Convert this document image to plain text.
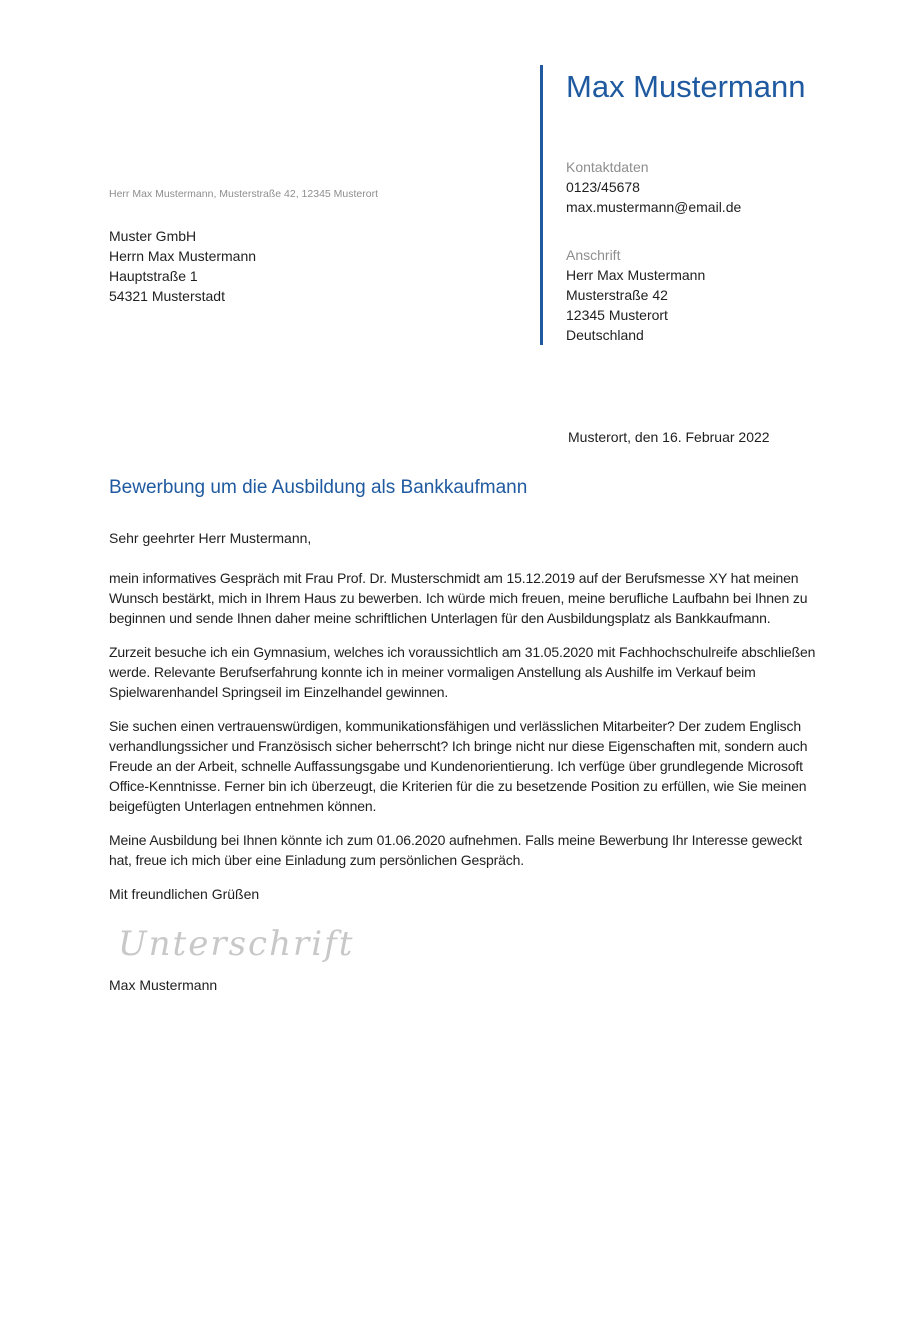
Max Mustermann
Kontaktdaten
0123/45678
max.mustermann@email.de
Anschrift
Herr Max Mustermann
Musterstraße 42
12345 Musterort
Deutschland
Herr Max Mustermann, Musterstraße 42, 12345 Musterort
Muster GmbH
Herrn Max Mustermann
Hauptstraße 1
54321 Musterstadt
Musterort, den 16. Februar 2022
Bewerbung um die Ausbildung als Bankkaufmann
Sehr geehrter Herr Mustermann,

mein informatives Gespräch mit Frau Prof. Dr. Musterschmidt am 15.12.2019 auf der Berufsmesse XY hat meinen Wunsch bestärkt, mich in Ihrem Haus zu bewerben. Ich würde mich freuen, meine berufliche Laufbahn bei Ihnen zu beginnen und sende Ihnen daher meine schriftlichen Unterlagen für den Ausbildungsplatz als Bankkaufmann.

Zurzeit besuche ich ein Gymnasium, welches ich voraussichtlich am 31.05.2020 mit Fachhochschulreife abschließen werde. Relevante Berufserfahrung konnte ich in meiner vormaligen Anstellung als Aushilfe im Verkauf beim Spielwarenhandel Springseil im Einzelhandel gewinnen.

Sie suchen einen vertrauenswürdigen, kommunikationsfähigen und verlässlichen Mitarbeiter? Der zudem Englisch verhandlungssicher und Französisch sicher beherrscht? Ich bringe nicht nur diese Eigenschaften mit, sondern auch Freude an der Arbeit, schnelle Auffassungsgabe und Kundenorientierung. Ich verfüge über grundlegende Microsoft Office-Kenntnisse. Ferner bin ich überzeugt, die Kriterien für die zu besetzende Position zu erfüllen, wie Sie meinen beigefügten Unterlagen entnehmen können.

Meine Ausbildung bei Ihnen könnte ich zum 01.06.2020 aufnehmen. Falls meine Bewerbung Ihr Interesse geweckt hat, freue ich mich über eine Einladung zum persönlichen Gespräch.

Mit freundlichen Grüßen
Unterschrift
Max Mustermann
